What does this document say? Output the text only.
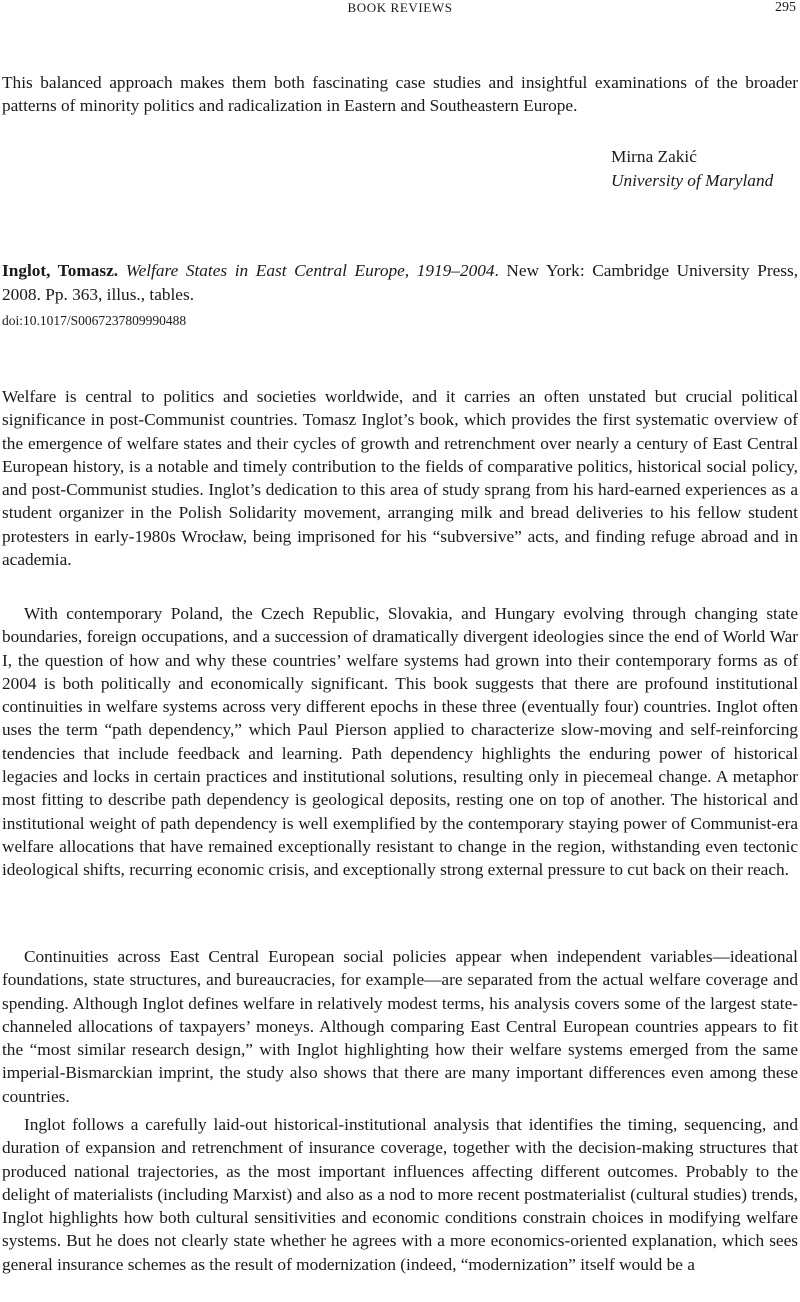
BOOK REVIEWS	295

This balanced approach makes them both fascinating case studies and insightful examinations of the broader patterns of minority politics and radicalization in Eastern and Southeastern Europe.

Mirna Zakić
University of Maryland

Inglot, Tomasz. Welfare States in East Central Europe, 1919–2004. New York: Cambridge University Press, 2008. Pp. 363, illus., tables.

doi:10.1017/S0067237809990488

Welfare is central to politics and societies worldwide, and it carries an often unstated but crucial political significance in post-Communist countries. Tomasz Inglot’s book, which provides the first systematic overview of the emergence of welfare states and their cycles of growth and retrenchment over nearly a century of East Central European history, is a notable and timely contribution to the fields of comparative politics, historical social policy, and post-Communist studies. Inglot’s dedication to this area of study sprang from his hard-earned experiences as a student organizer in the Polish Solidarity movement, arranging milk and bread deliveries to his fellow student protesters in early-1980s Wrocław, being imprisoned for his “subversive” acts, and finding refuge abroad and in academia.

With contemporary Poland, the Czech Republic, Slovakia, and Hungary evolving through changing state boundaries, foreign occupations, and a succession of dramatically divergent ideologies since the end of World War I, the question of how and why these countries’ welfare systems had grown into their contemporary forms as of 2004 is both politically and economically significant. This book suggests that there are profound institutional continuities in welfare systems across very different epochs in these three (eventually four) countries. Inglot often uses the term “path dependency,” which Paul Pierson applied to characterize slow-moving and self-reinforcing tendencies that include feedback and learning. Path dependency highlights the enduring power of historical legacies and locks in certain practices and institutional solutions, resulting only in piecemeal change. A metaphor most fitting to describe path dependency is geological deposits, resting one on top of another. The historical and institutional weight of path dependency is well exemplified by the contemporary staying power of Communist-era welfare allocations that have remained exceptionally resistant to change in the region, withstanding even tectonic ideological shifts, recurring economic crisis, and exceptionally strong external pressure to cut back on their reach.

Continuities across East Central European social policies appear when independent variables—ideational foundations, state structures, and bureaucracies, for example—are separated from the actual welfare coverage and spending. Although Inglot defines welfare in relatively modest terms, his analysis covers some of the largest state-channeled allocations of taxpayers’ moneys. Although comparing East Central European countries appears to fit the “most similar research design,” with Inglot highlighting how their welfare systems emerged from the same imperial-Bismarckian imprint, the study also shows that there are many important differences even among these countries.

Inglot follows a carefully laid-out historical-institutional analysis that identifies the timing, sequencing, and duration of expansion and retrenchment of insurance coverage, together with the decision-making structures that produced national trajectories, as the most important influences affecting different outcomes. Probably to the delight of materialists (including Marxist) and also as a nod to more recent postmaterialist (cultural studies) trends, Inglot highlights how both cultural sensitivities and economic conditions constrain choices in modifying welfare systems. But he does not clearly state whether he agrees with a more economics-oriented explanation, which sees general insurance schemes as the result of modernization (indeed, “modernization” itself would be a
